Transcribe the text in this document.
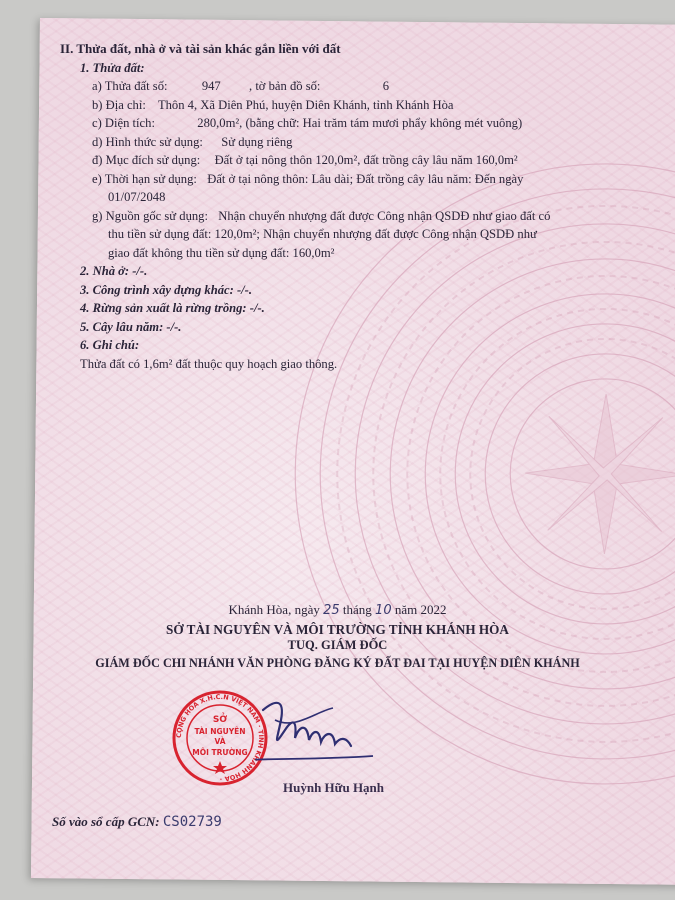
II. Thửa đất, nhà ở và tài sản khác gắn liền với đất
1. Thửa đất:
a) Thửa đất số:	947 , tờ bản đồ số:	6
b) Địa chỉ: Thôn 4, Xã Diên Phú, huyện Diên Khánh, tỉnh Khánh Hòa
c) Diện tích:	280,0m², (bằng chữ: Hai trăm tám mươi phẩy không mét vuông)
d) Hình thức sử dụng: Sử dụng riêng
đ) Mục đích sử dụng: Đất ở tại nông thôn 120,0m², đất trồng cây lâu năm 160,0m²
e) Thời hạn sử dụng: Đất ở tại nông thôn: Lâu dài; Đất trồng cây lâu năm: Đến ngày
01/07/2048
g) Nguồn gốc sử dụng: Nhận chuyển nhượng đất được Công nhận QSDĐ như giao đất có
thu tiền sử dụng đất: 120,0m²; Nhận chuyển nhượng đất được Công nhận QSDĐ như
giao đất không thu tiền sử dụng đất: 160,0m²
2. Nhà ở: -/-.
3. Công trình xây dựng khác: -/-.
4. Rừng sản xuất là rừng trồng: -/-.
5. Cây lâu năm: -/-.
6. Ghi chú:
Thửa đất có 1,6m² đất thuộc quy hoạch giao thông.
Khánh Hòa, ngày 25 tháng 10 năm 2022
SỞ TÀI NGUYÊN VÀ MÔI TRƯỜNG TỈNH KHÁNH HÒA
TUQ. GIÁM ĐỐC
GIÁM ĐỐC CHI NHÁNH VĂN PHÒNG ĐĂNG KÝ ĐẤT ĐAI TẠI HUYỆN DIÊN KHÁNH
CỘNG HÒA X.H.C.N VIỆT NAM · TỈNH KHÁNH HÒA ·
SỞ
TÀI NGUYÊN
VÀ
MÔI TRƯỜNG
Huỳnh Hữu Hạnh
Số vào sổ cấp GCN: CS02739
